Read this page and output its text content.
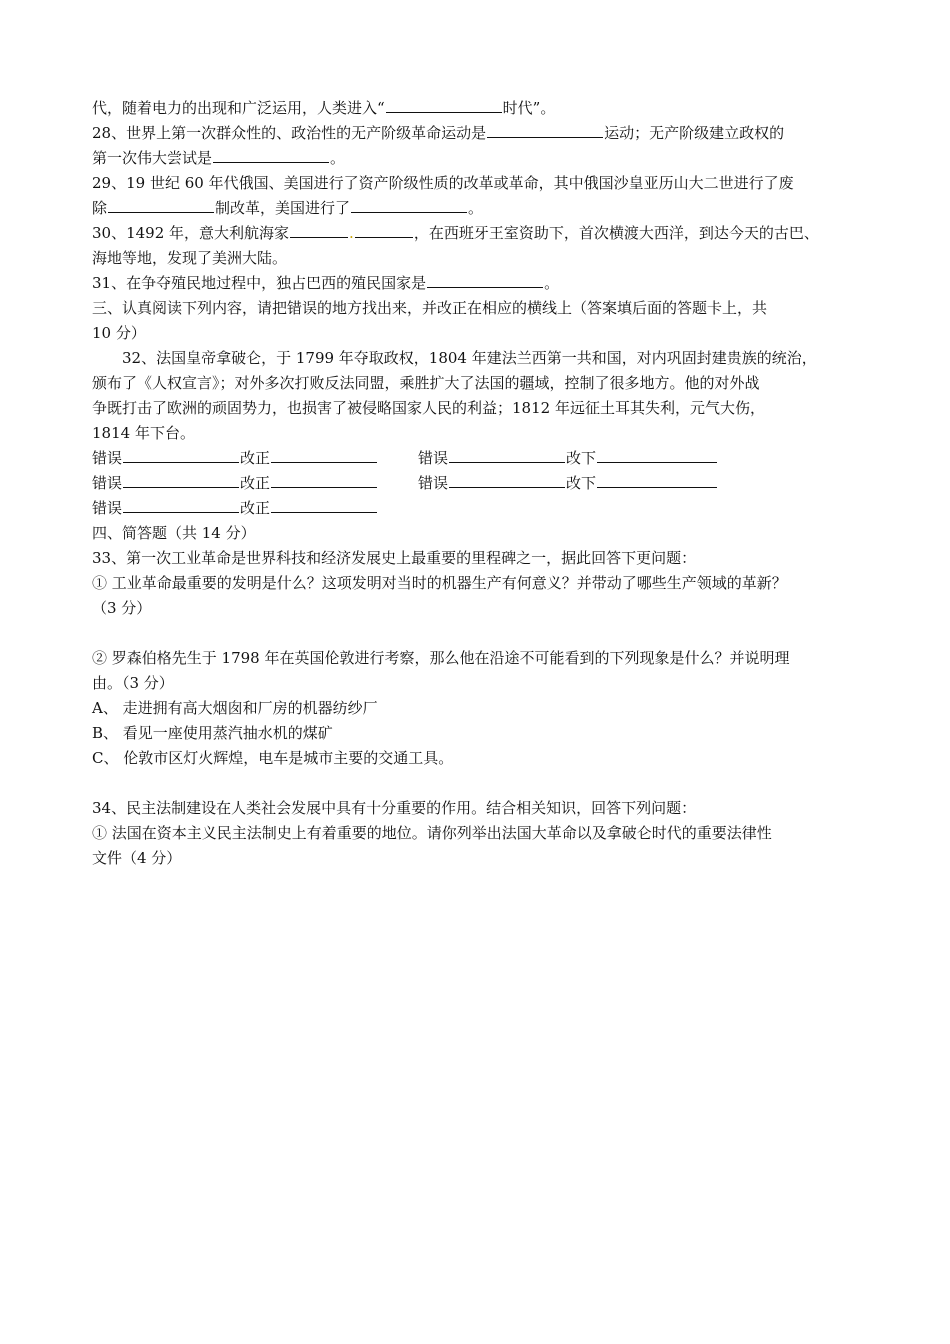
代，随着电力的出现和广泛运用，人类进入“	时代”。
28、世界上第一次群众性的、政治性的无产阶级革命运动是	运动；无产阶级建立政权的
第一次伟大尝试是	。
29、19 世纪 60 年代俄国、美国进行了资产阶级性质的改革或革命，其中俄国沙皇亚历山大二世进行了废
除	制改革，美国进行了	。
30、1492 年，意大利航海家	.	，在西班牙王室资助下，首次横渡大西洋，到达今天的古巴、
海地等地，发现了美洲大陆。
31、在争夺殖民地过程中，独占巴西的殖民国家是	。
三、认真阅读下列内容，请把错误的地方找出来，并改正在相应的横线上（答案填后面的答题卡上，共
10 分）
32、法国皇帝拿破仑，于 1799 年夺取政权，1804 年建法兰西第一共和国，对内巩固封建贵族的统治，
颁布了《人权宣言》；对外多次打败反法同盟，乘胜扩大了法国的疆域，控制了很多地方。他的对外战
争既打击了欧洲的顽固势力，也损害了被侵略国家人民的利益；1812 年远征土耳其失利，元气大伤，
1814 年下台。
错误	改正	错误	改下
错误	改正	错误	改下
错误	改正
四、简答题（共 14 分）
33、第一次工业革命是世界科技和经济发展史上最重要的里程碑之一，据此回答下更问题：
① 工业革命最重要的发明是什么？这项发明对当时的机器生产有何意义？并带动了哪些生产领域的革新？
（3 分）
② 罗森伯格先生于 1798 年在英国伦敦进行考察，那么他在沿途不可能看到的下列现象是什么？并说明理
由。（3 分）
A、 走进拥有高大烟囱和厂房的机器纺纱厂
B、 看见一座使用蒸汽抽水机的煤矿
C、 伦敦市区灯火辉煌，电车是城市主要的交通工具。
34、民主法制建设在人类社会发展中具有十分重要的作用。结合相关知识，回答下列问题：
① 法国在资本主义民主法制史上有着重要的地位。请你列举出法国大革命以及拿破仑时代的重要法律性
文件（4 分）
